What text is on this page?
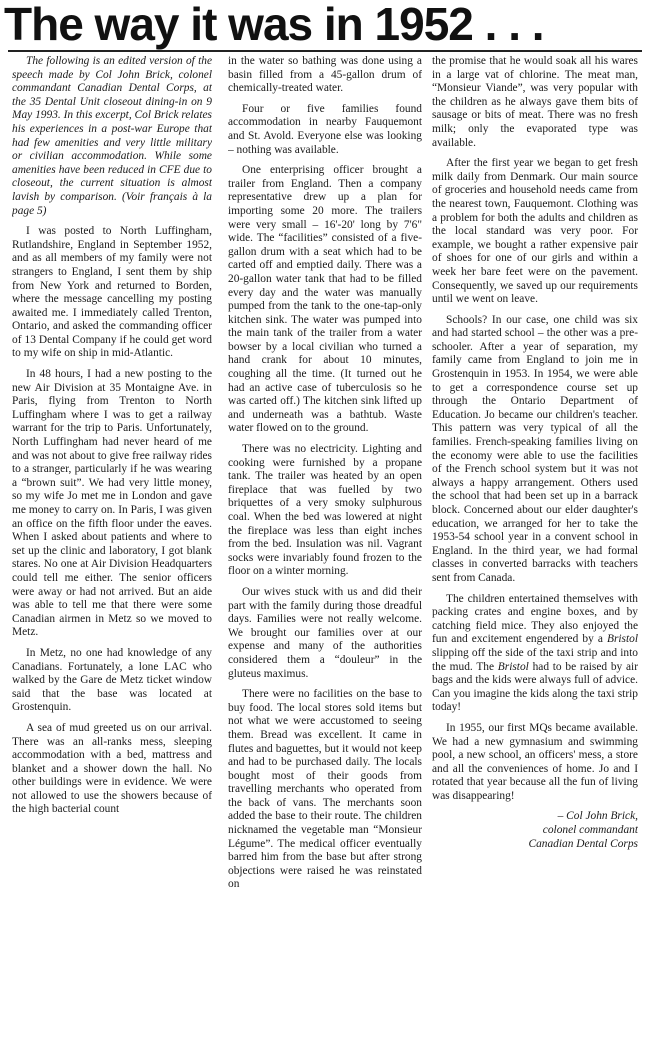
The way it was in 1952 . . .

The following is an edited version of the speech made by Col John Brick, colonel commandant Canadian Dental Corps, at the 35 Dental Unit closeout dining-in on 9 May 1993. In this excerpt, Col Brick relates his experiences in a post-war Europe that had few amenities and very little military or civilian accommodation. While some amenities have been reduced in CFE due to closeout, the current situation is almost lavish by comparison. (Voir français à la page 5)

I was posted to North Luffingham, Rutlandshire, England in September 1952, and as all members of my family were not strangers to England, I sent them by ship from New York and returned to Borden, where the message cancelling my posting awaited me. I immediately called Trenton, Ontario, and asked the commanding officer of 13 Dental Company if he could get word to my wife on ship in mid-Atlantic.

In 48 hours, I had a new posting to the new Air Division at 35 Montaigne Ave. in Paris, flying from Trenton to North Luffingham where I was to get a railway warrant for the trip to Paris. Unfortunately, North Luffingham had never heard of me and was not about to give free railway rides to a stranger, particularly if he was wearing a “brown suit”. We had very little money, so my wife Jo met me in London and gave me money to carry on. In Paris, I was given an office on the fifth floor under the eaves. When I asked about patients and where to set up the clinic and laboratory, I got blank stares. No one at Air Division Headquarters could tell me either. The senior officers were away or had not arrived. But an aide was able to tell me that there were some Canadian airmen in Metz so we moved to Metz.

In Metz, no one had knowledge of any Canadians. Fortunately, a lone LAC who walked by the Gare de Metz ticket window said that the base was located at Grostenquin.

A sea of mud greeted us on our arrival. There was an all-ranks mess, sleeping accommodation with a bed, mattress and blanket and a shower down the hall. No other buildings were in evidence. We were not allowed to use the showers because of the high bacterial count

in the water so bathing was done using a basin filled from a 45-gallon drum of chemically-treated water.

Four or five families found accommodation in nearby Fauquemont and St. Avold. Everyone else was looking – nothing was available.

One enterprising officer brought a trailer from England. Then a company representative drew up a plan for importing some 20 more. The trailers were very small – 16'-20' long by 7'6" wide. The “facilities” consisted of a five-gallon drum with a seat which had to be carted off and emptied daily. There was a 20-gallon water tank that had to be filled every day and the water was manually pumped from the tank to the one-tap-only kitchen sink. The water was pumped into the main tank of the trailer from a water bowser by a local civilian who turned a hand crank for about 10 minutes, coughing all the time. (It turned out he had an active case of tuberculosis so he was carted off.) The kitchen sink lifted up and underneath was a bathtub. Waste water flowed on to the ground.

There was no electricity. Lighting and cooking were furnished by a propane tank. The trailer was heated by an open fireplace that was fuelled by two briquettes of a very smoky sulphurous coal. When the bed was lowered at night the fireplace was less than eight inches from the bed. Insulation was nil. Vagrant socks were invariably found frozen to the floor on a winter morning.

Our wives stuck with us and did their part with the family during those dreadful days. Families were not really welcome. We brought our families over at our expense and many of the authorities considered them a “douleur” in the gluteus maximus.

There were no facilities on the base to buy food. The local stores sold items but not what we were accustomed to seeing them. Bread was excellent. It came in flutes and baguettes, but it would not keep and had to be purchased daily. The locals bought most of their goods from travelling merchants who operated from the back of vans. The merchants soon added the base to their route. The children nicknamed the vegetable man “Monsieur Légume”. The medical officer eventually barred him from the base but after strong objections were raised he was reinstated on

the promise that he would soak all his wares in a large vat of chlorine. The meat man, “Monsieur Viande”, was very popular with the children as he always gave them bits of sausage or bits of meat. There was no fresh milk; only the evaporated type was available.

After the first year we began to get fresh milk daily from Denmark. Our main source of groceries and household needs came from the nearest town, Fauquemont. Clothing was a problem for both the adults and children as the local standard was very poor. For example, we bought a rather expensive pair of shoes for one of our girls and within a week her bare feet were on the pavement. Consequently, we saved up our requirements until we went on leave.

Schools? In our case, one child was six and had started school – the other was a pre-schooler. After a year of separation, my family came from England to join me in Grostenquin in 1953. In 1954, we were able to get a correspondence course set up through the Ontario Department of Education. Jo became our children's teacher. This pattern was very typical of all the families. French-speaking families living on the economy were able to use the facilities of the French school system but it was not always a happy arrangement. Others used the school that had been set up in a barrack block. Concerned about our elder daughter's education, we arranged for her to take the 1953-54 school year in a convent school in England. In the third year, we had formal classes in converted barracks with teachers sent from Canada.

The children entertained themselves with packing crates and engine boxes, and by catching field mice. They also enjoyed the fun and excitement engendered by a Bristol slipping off the side of the taxi strip and into the mud. The Bristol had to be raised by air bags and the kids were always full of advice. Can you imagine the kids along the taxi strip today!

In 1955, our first MQs became available. We had a new gymnasium and swimming pool, a new school, an officers' mess, a store and all the conveniences of home. Jo and I rotated that year because all the fun of living was disappearing!

– Col John Brick,
colonel commandant
Canadian Dental Corps
